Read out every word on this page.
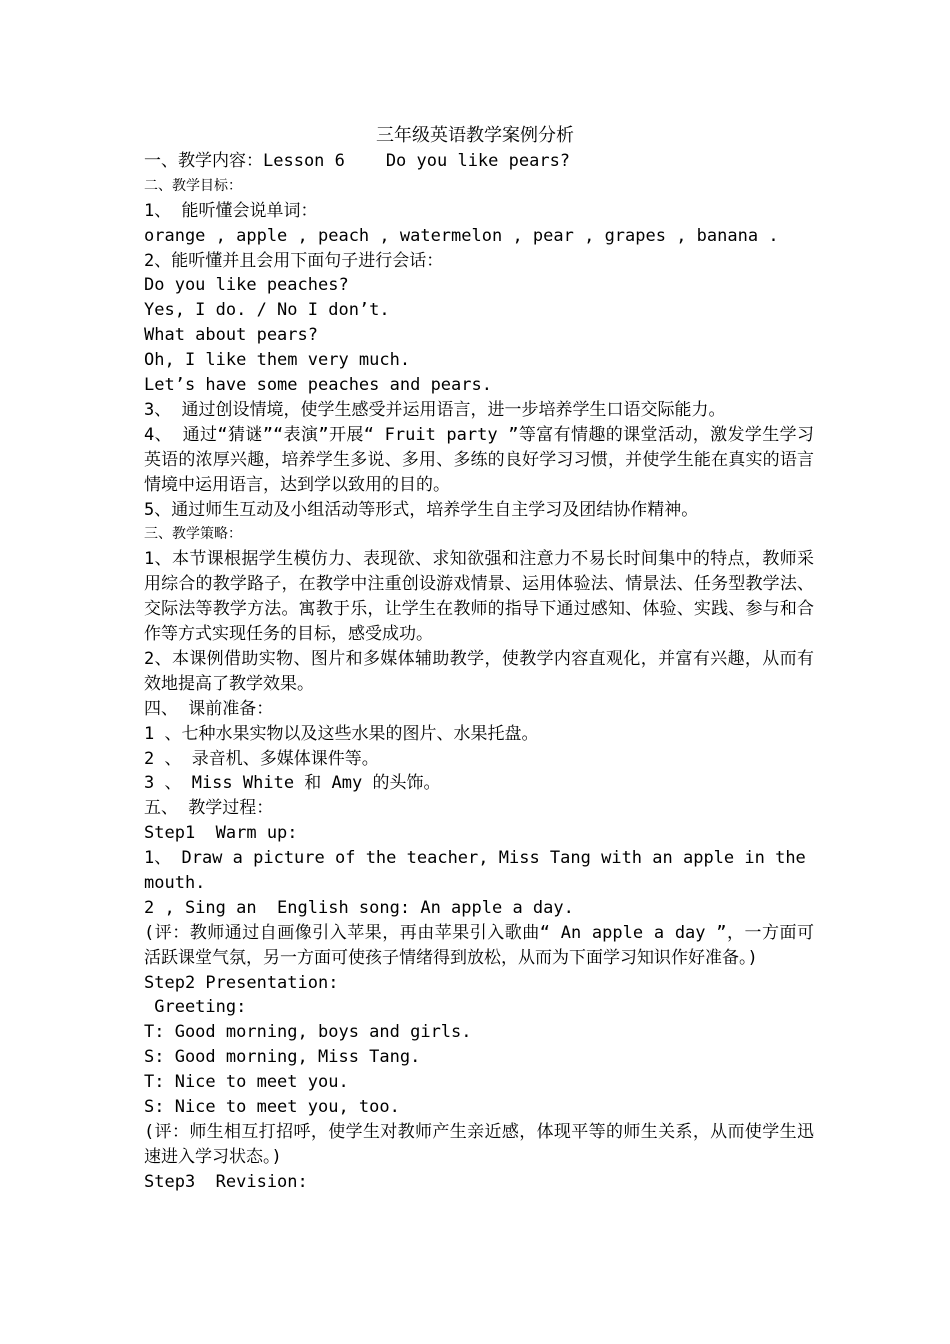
三年级英语教学案例分析
一、教学内容：Lesson 6    Do you like pears?
二、教学目标：
1、 能听懂会说单词：
orange , apple , peach , watermelon , pear , grapes , banana .
2、能听懂并且会用下面句子进行会话：
Do you like peaches?
Yes, I do. / No I don’t.
What about pears?
Oh, I like them very much.
Let’s have some peaches and pears.
3、 通过创设情境，使学生感受并运用语言，进一步培养学生口语交际能力。
4、 通过“猜谜”“表演”开展“ Fruit party ”等富有情趣的课堂活动，激发学生学习英语的浓厚兴趣，培养学生多说、多用、多练的良好学习习惯，并使学生能在真实的语言情境中运用语言，达到学以致用的目的。
5、通过师生互动及小组活动等形式，培养学生自主学习及团结协作精神。
三、教学策略：
1、本节课根据学生模仿力、表现欲、求知欲强和注意力不易长时间集中的特点，教师采用综合的教学路子，在教学中注重创设游戏情景、运用体验法、情景法、任务型教学法、交际法等教学方法。寓教于乐，让学生在教师的指导下通过感知、体验、实践、参与和合作等方式实现任务的目标，感受成功。
2、本课例借助实物、图片和多媒体辅助教学，使教学内容直观化，并富有兴趣，从而有效地提高了教学效果。
四、 课前准备：
1 、七种水果实物以及这些水果的图片、水果托盘。
2 、 录音机、多媒体课件等。
3 、 Miss White 和 Amy 的头饰。
五、 教学过程：
Step1  Warm up:
1、 Draw a picture of the teacher, Miss Tang with an apple in the mouth.
2 , Sing an  English song: An apple a day.
(评：教师通过自画像引入苹果，再由苹果引入歌曲“ An apple a day ”，一方面可活跃课堂气氛，另一方面可使孩子情绪得到放松，从而为下面学习知识作好准备。)
Step2 Presentation:
Greeting:
T: Good morning, boys and girls.
S: Good morning, Miss Tang.
T: Nice to meet you.
S: Nice to meet you, too.
(评：师生相互打招呼，使学生对教师产生亲近感，体现平等的师生关系，从而使学生迅速进入学习状态。)
Step3  Revision:
